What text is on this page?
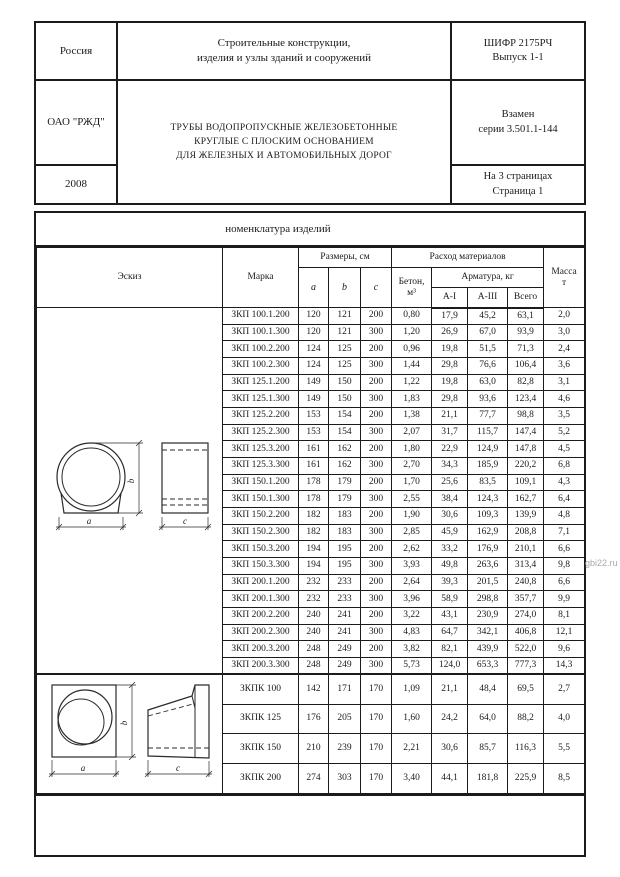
Россия
Строительные конструкции,
изделия и узлы зданий и сооружений
ШИФР 2175РЧ
Выпуск 1-1
ОАО "РЖД"	ТРУБЫ ВОДОПРОПУСКНЫЕ ЖЕЛЕЗОБЕТОННЫЕ
КРУГЛЫЕ С ПЛОСКИМ ОСНОВАНИЕМ
ДЛЯ ЖЕЛЕЗНЫХ И АВТОМОБИЛЬНЫХ ДОРОГ
Взамен
серии 3.501.1-144
2008
На 3 страницах
Страница 1
номенклатура изделий
Эскиз	Марка	Размеры, см			Расход материалов				Масса
т

		a	b	c	Бетон,
м³	Арматура, кг			
						А-I	А-III	Всего	

a
b
c	ЗКП 100.1.200	120	121	200	0,80	17,9	45,2	63,1	2,0
	ЗКП 100.1.300	120	121	300	1,20	26,9	67,0	93,9	3,0
	ЗКП 100.2.200	124	125	200	0,96	19,8	51,5	71,3	2,4
	ЗКП 100.2.300	124	125	300	1,44	29,8	76,6	106,4	3,6
	ЗКП 125.1.200	149	150	200	1,22	19,8	63,0	82,8	3,1
	ЗКП 125.1.300	149	150	300	1,83	29,8	93,6	123,4	4,6
	ЗКП 125.2.200	153	154	200	1,38	21,1	77,7	98,8	3,5
	ЗКП 125.2.300	153	154	300	2,07	31,7	115,7	147,4	5,2
	ЗКП 125.3.200	161	162	200	1,80	22,9	124,9	147,8	4,5
	ЗКП 125.3.300	161	162	300	2,70	34,3	185,9	220,2	6,8
	ЗКП 150.1.200	178	179	200	1,70	25,6	83,5	109,1	4,3
	ЗКП 150.1.300	178	179	300	2,55	38,4	124,3	162,7	6,4
	ЗКП 150.2.200	182	183	200	1,90	30,6	109,3	139,9	4,8
	ЗКП 150.2.300	182	183	300	2,85	45,9	162,9	208,8	7,1
	ЗКП 150.3.200	194	195	200	2,62	33,2	176,9	210,1	6,6
	ЗКП 150.3.300	194	195	300	3,93	49,8	263,6	313,4	9,8
	ЗКП 200.1.200	232	233	200	2,64	39,3	201,5	240,8	6,6
	ЗКП 200.1.300	232	233	300	3,96	58,9	298,8	357,7	9,9
	ЗКП 200.2.200	240	241	200	3,22	43,1	230,9	274,0	8,1
	ЗКП 200.2.300	240	241	300	4,83	64,7	342,1	406,8	12,1
	ЗКП 200.3.200	248	249	200	3,82	82,1	439,9	522,0	9,6
	ЗКП 200.3.300	248	249	300	5,73	124,0	653,3	777,3	14,3

a
b
c	ЗКПК 100	142	171	170	1,09	21,1	48,4	69,5	2,7
	ЗКПК 125	176	205	170	1,60	24,2	64,0	88,2	4,0
	ЗКПК 150	210	239	170	2,21	30,6	85,7	116,3	5,5
	ЗКПК 200	274	303	170	3,40	44,1	181,8	225,9	8,5
gbi22.ru
